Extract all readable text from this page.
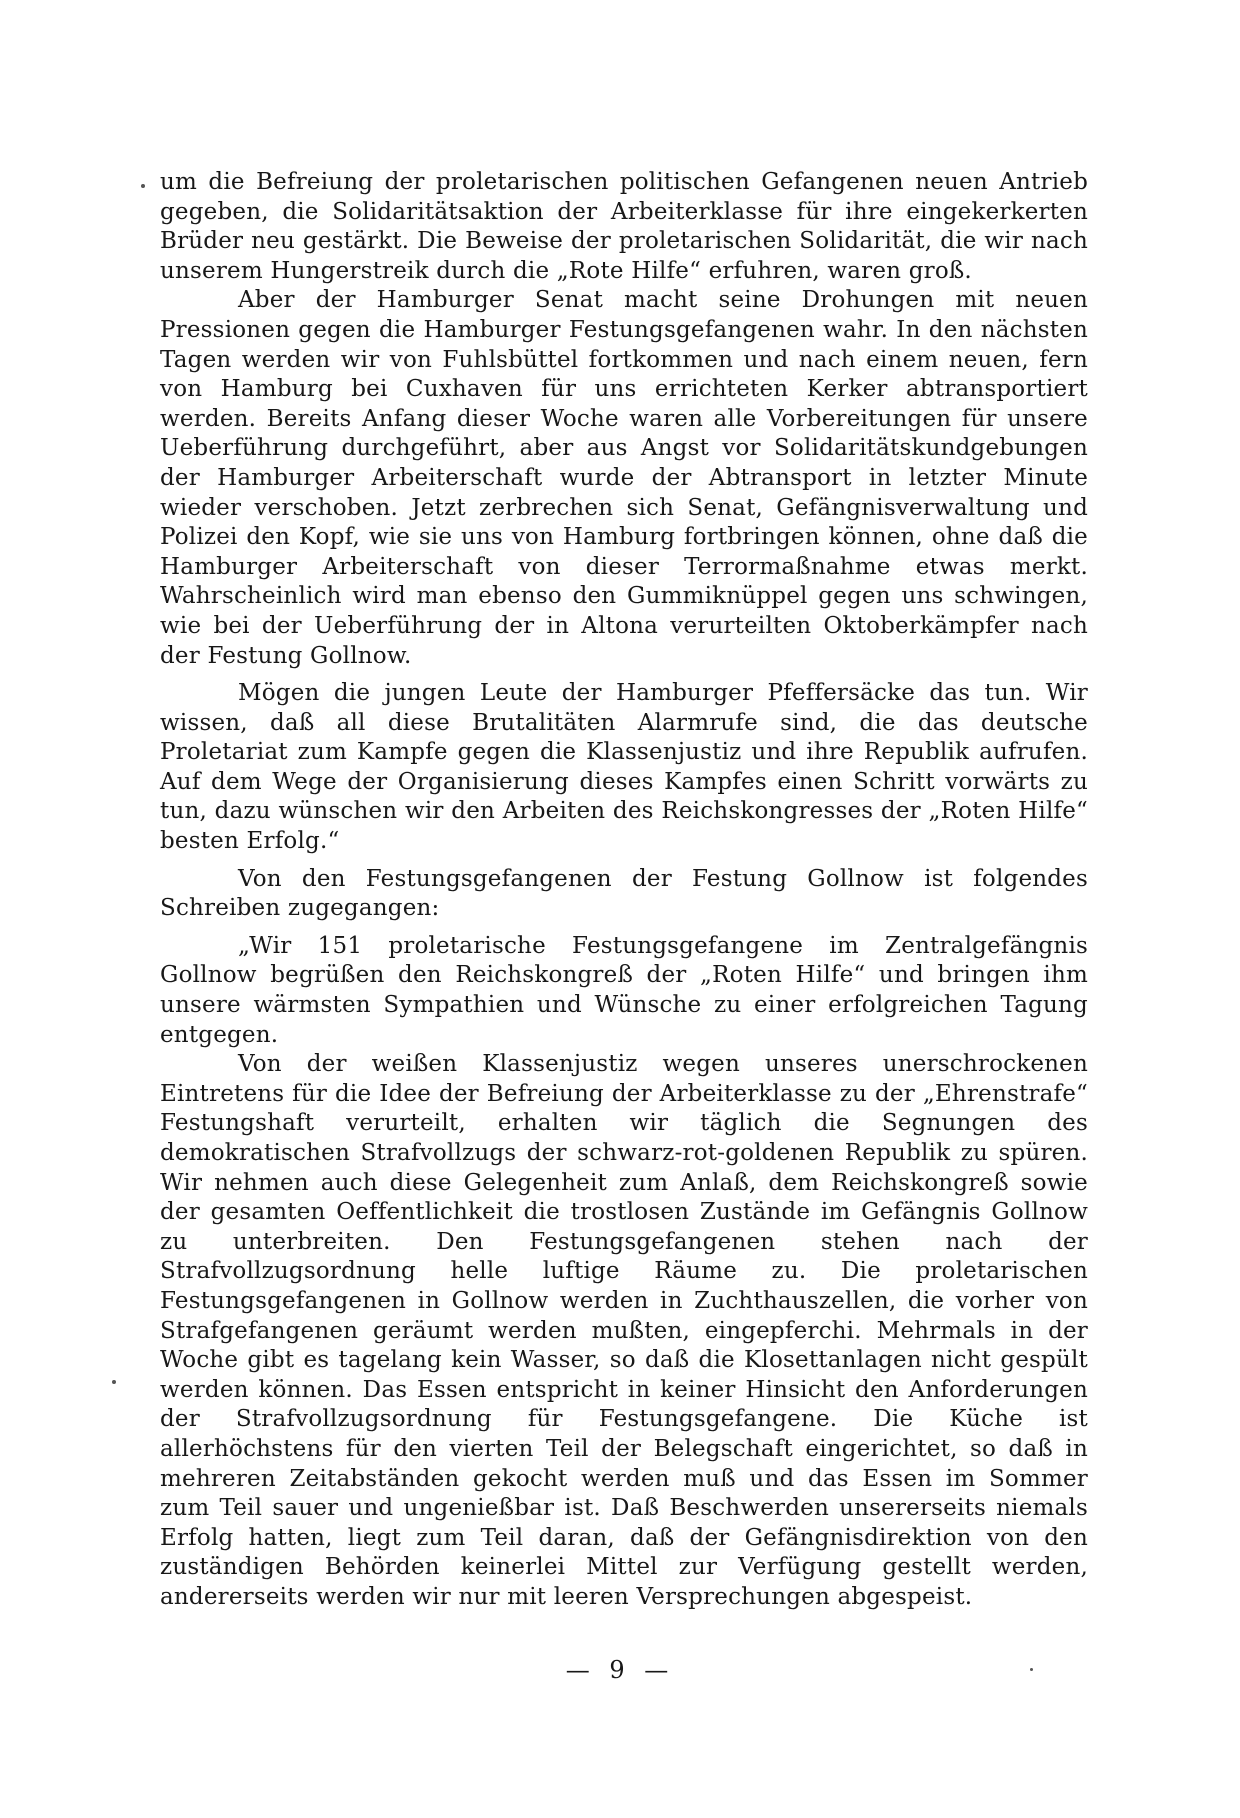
um die Befreiung der proletarischen politischen Gefangenen neuen Antrieb gegeben, die Solidaritätsaktion der Arbeiterklasse für ihre eingekerkerten Brüder neu gestärkt. Die Beweise der proletarischen Solidarität, die wir nach unserem Hungerstreik durch die „Rote Hilfe“ erfuhren, waren groß.

Aber der Hamburger Senat macht seine Drohungen mit neuen Pressionen gegen die Hamburger Festungsgefangenen wahr. In den nächsten Tagen werden wir von Fuhlsbüttel fortkommen und nach einem neuen, fern von Hamburg bei Cuxhaven für uns errichteten Kerker abtransportiert werden. Bereits Anfang dieser Woche waren alle Vorbereitungen für unsere Ueberführung durchgeführt, aber aus Angst vor Solidaritätskundgebungen der Hamburger Arbeiterschaft wurde der Abtransport in letzter Minute wieder verschoben. Jetzt zerbrechen sich Senat, Gefängnisverwaltung und Polizei den Kopf, wie sie uns von Hamburg fortbringen können, ohne daß die Hamburger Arbeiterschaft von dieser Terrormaßnahme etwas merkt. Wahrscheinlich wird man ebenso den Gummiknüppel gegen uns schwingen, wie bei der Ueberführung der in Altona verurteilten Oktoberkämpfer nach der Festung Gollnow.

Mögen die jungen Leute der Hamburger Pfeffersäcke das tun. Wir wissen, daß all diese Brutalitäten Alarmrufe sind, die das deutsche Proletariat zum Kampfe gegen die Klassenjustiz und ihre Republik aufrufen. Auf dem Wege der Organisierung dieses Kampfes einen Schritt vorwärts zu tun, dazu wünschen wir den Arbeiten des Reichskongresses der „Roten Hilfe“ besten Erfolg.“

Von den Festungsgefangenen der Festung Gollnow ist folgendes Schreiben zugegangen:

„Wir 151 proletarische Festungsgefangene im Zentralgefängnis Gollnow begrüßen den Reichskongreß der „Roten Hilfe“ und bringen ihm unsere wärmsten Sympathien und Wünsche zu einer erfolgreichen Tagung entgegen.

Von der weißen Klassenjustiz wegen unseres unerschrockenen Eintretens für die Idee der Befreiung der Arbeiterklasse zu der „Ehrenstrafe“ Festungshaft verurteilt, erhalten wir täglich die Segnungen des demokratischen Strafvollzugs der schwarz-rot-goldenen Republik zu spüren. Wir nehmen auch diese Gelegenheit zum Anlaß, dem Reichskongreß sowie der gesamten Oeffentlichkeit die trostlosen Zustände im Gefängnis Gollnow zu unterbreiten. Den Festungsgefangenen stehen nach der Strafvollzugsordnung helle luftige Räume zu. Die proletarischen Festungsgefangenen in Gollnow werden in Zuchthauszellen, die vorher von Strafgefangenen geräumt werden mußten, eingepferchi. Mehrmals in der Woche gibt es tagelang kein Wasser, so daß die Klosettanlagen nicht gespült werden können. Das Essen entspricht in keiner Hinsicht den Anforderungen der Strafvollzugsordnung für Festungsgefangene. Die Küche ist allerhöchstens für den vierten Teil der Belegschaft eingerichtet, so daß in mehreren Zeitabständen gekocht werden muß und das Essen im Sommer zum Teil sauer und ungenießbar ist. Daß Beschwerden unsererseits niemals Erfolg hatten, liegt zum Teil daran, daß der Gefängnisdirektion von den zuständigen Behörden keinerlei Mittel zur Verfügung gestellt werden, andererseits werden wir nur mit leeren Versprechungen abgespeist.

— 9 —
